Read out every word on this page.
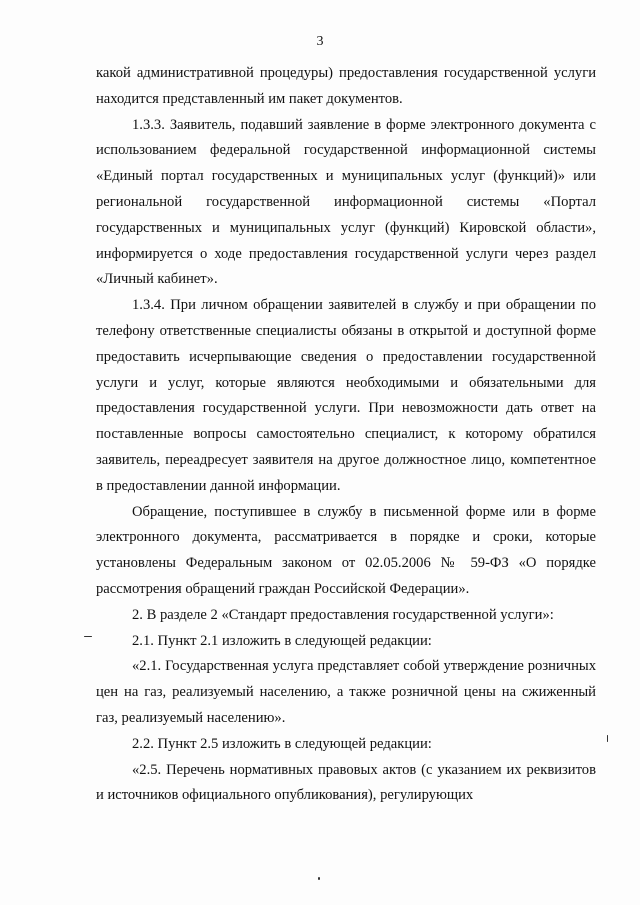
3

какой административной процедуры) предоставления государственной услуги находится представленный им пакет документов.

1.3.3. Заявитель, подавший заявление в форме электронного документа с использованием федеральной государственной информационной системы «Единый портал государственных и муниципальных услуг (функций)» или региональной государственной информационной системы «Портал государственных и муниципальных услуг (функций) Кировской области», информируется о ходе предоставления государственной услуги через раздел «Личный кабинет».

1.3.4. При личном обращении заявителей в службу и при обращении по телефону ответственные специалисты обязаны в открытой и доступной форме предоставить исчерпывающие сведения о предоставлении государственной услуги и услуг, которые являются необходимыми и обязательными для предоставления государственной услуги. При невозможности дать ответ на поставленные вопросы самостоятельно специалист, к которому обратился заявитель, переадресует заявителя на другое должностное лицо, компетентное в предоставлении данной информации.

Обращение, поступившее в службу в письменной форме или в форме электронного документа, рассматривается в порядке и сроки, которые установлены Федеральным законом от 02.05.2006 № 59-ФЗ «О порядке рассмотрения обращений граждан Российской Федерации».

2. В разделе 2 «Стандарт предоставления государственной услуги»:

2.1. Пункт 2.1 изложить в следующей редакции:

«2.1. Государственная услуга представляет собой утверждение розничных цен на газ, реализуемый населению, а также розничной цены на сжиженный газ, реализуемый населению».

2.2. Пункт 2.5 изложить в следующей редакции:

«2.5. Перечень нормативных правовых актов (с указанием их реквизитов и источников официального опубликования), регулирующих
